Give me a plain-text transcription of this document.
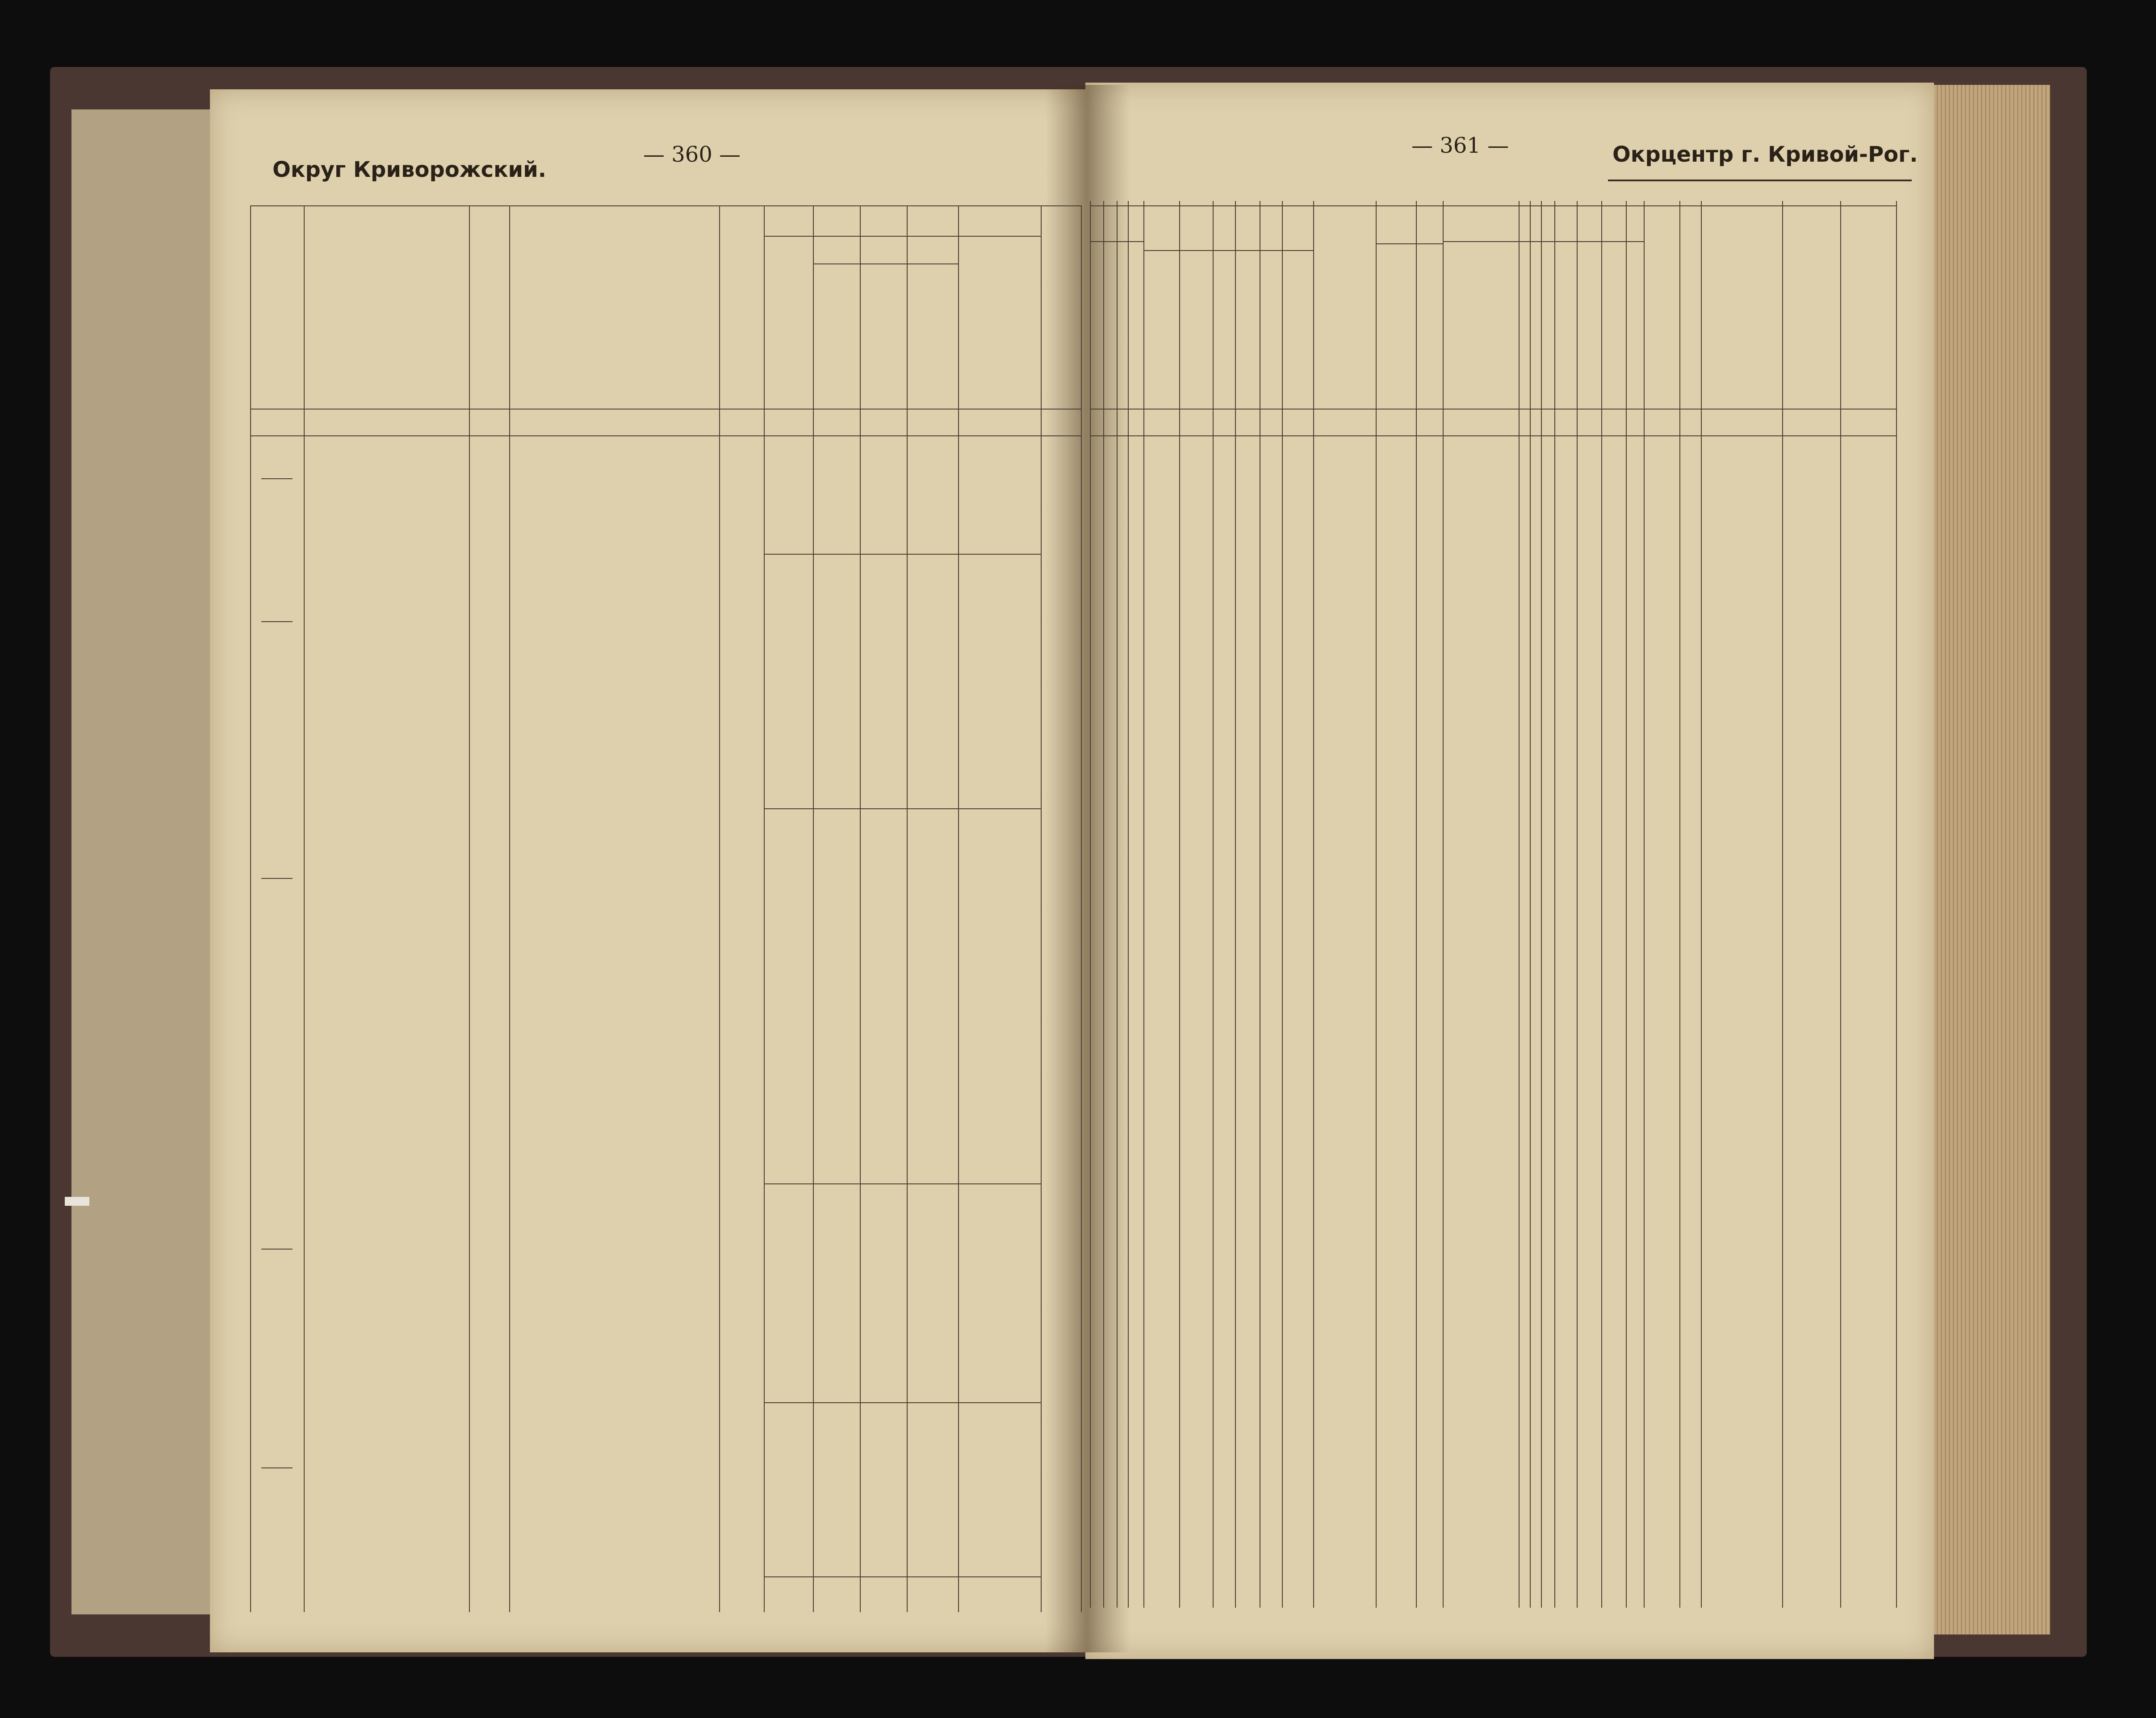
Округ Криворожский.
— 360 —	— 361 —	Окрцентр г. Кривой-Рог.
